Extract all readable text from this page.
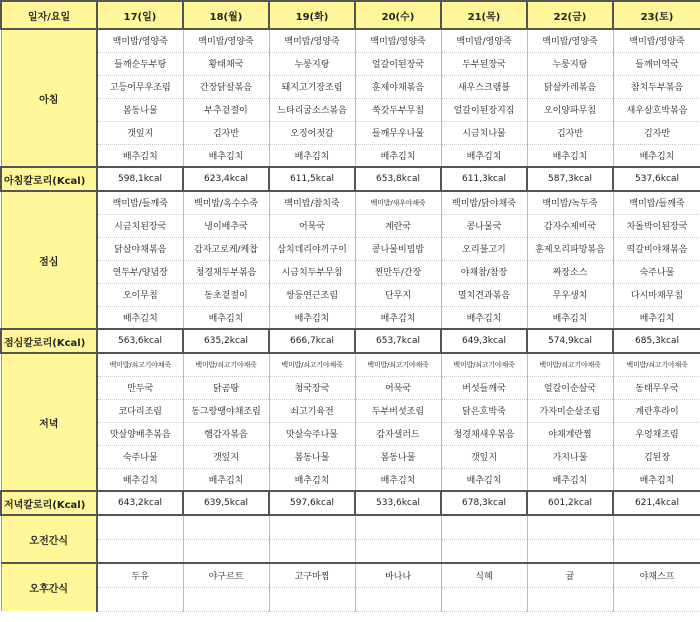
일자/요일	17(일)	18(월)	19(화)	20(수)	21(목)	22(금)	23(토)
아침	백미밥/영양죽	백미밥/영양죽	백미밥/영양죽	백미밥/영양죽	백미밥/영양죽	백미밥/영양죽	백미밥/영양죽
	들깨순두부탕	황태채국	누룽지탕	얼갈이된장국	두부된장국	누룽지탕	들깨미역국
	고등어무우조림	간장닭살볶음	돼지고기장조림	훈제야채볶음	새우스크램블	닭살카레볶음	참치두부볶음
	봄동나물	부추겉절이	느타리굴소스볶음	쑥갓두부무침	얼갈이된장지짐	오이양파무침	새우살호박볶음
	갯잎지	김자반	오징어젓갈	들깨무우나물	시금치나물	김자반	김자반
	배추김치	배추김치	배추김치	배추김치	배추김치	배추김치	배추김치
아침칼로리(Kcal)	598,1kcal	623,4kcal	611,5kcal	653,8kcal	611,3kcal	587,3kcal	537,6kcal
점심	백미밥/들깨죽	백미밥/옥수수죽	백미밥/참치죽	백미밥/새우야채죽	백미밥/닭야채죽	백미밥/녹두죽	백미밥/들깨죽
	시금치된장국	냉이배추국	어묵국	계란국	콩나물국	감자수제비국	차돌박이된장국
	닭살야채볶음	감자고로케/케찹	삼치데리야끼구이	콩나물비빔밥	오리불고기	훈제오리파망볶음	떡갈비야채볶음
	연두부/양념장	청경채두부볶음	시금치두부무침	찐만두/간장	야채참/참장	짜장소스	숙주나물
	오이무침	동초겉절이	쌍둥연근조림	단무지	멸치견과볶음	무우생치	다시마채무침
	배추김치	배추김치	배추김치	배추김치	배추김치	배추김치	배추김치
점심칼로리(Kcal)	563,6kcal	635,2kcal	666,7kcal	653,7kcal	649,3kcal	574,9kcal	685,3kcal
저녁	백미밥/쇠고기야채죽	백미밥/쇠고기야채죽	백미밥/쇠고기야채죽	백미밥/쇠고기야채죽	백미밥/쇠고기야채죽	백미밥/쇠고기야채죽	백미밥/쇠고기야채죽
	만두국	닭곰탕	청국장국	어묵국	버섯들깨국	얼갈이순살국	동태무우국
	코다리조림	동그랑땡야채조림	쇠고기육전	두부버섯조림	닭은호박죽	가자미순살조림	계란후라이
	맛살양배추볶음	햄감자볶음	맛살숙주나물	감자샐러드	청경채새우볶음	야채계란찜	우엉채조림
	숙주나물	갯잎지	봄동나물	봄동나물	갯잎지	가지나물	김된장
	배추김치	배추김치	배추김치	배추김치	배추김치	배추김치	배추김치
저녁칼로리(Kcal)	643,2kcal	639,5kcal	597,6kcal	533,6kcal	678,3kcal	601,2kcal	621,4kcal
오전간식							

오후간식	두유	야구르트	고구마찜	바나나	식혜	귤	야채스프
